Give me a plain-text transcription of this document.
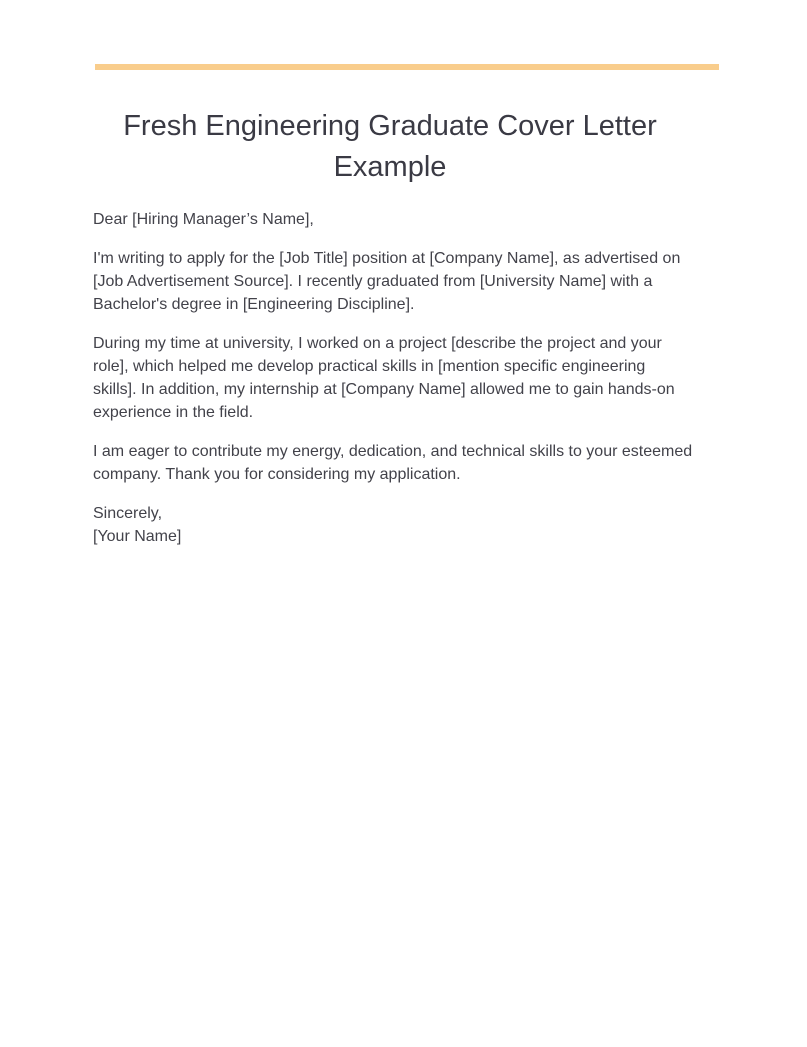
Fresh Engineering Graduate Cover Letter Example

Dear [Hiring Manager’s Name],

I'm writing to apply for the [Job Title] position at [Company Name], as advertised on [Job Advertisement Source]. I recently graduated from [University Name] with a Bachelor's degree in [Engineering Discipline].

During my time at university, I worked on a project [describe the project and your role], which helped me develop practical skills in [mention specific engineering skills]. In addition, my internship at [Company Name] allowed me to gain hands-on experience in the field.

I am eager to contribute my energy, dedication, and technical skills to your esteemed company. Thank you for considering my application.

Sincerely,
[Your Name]
